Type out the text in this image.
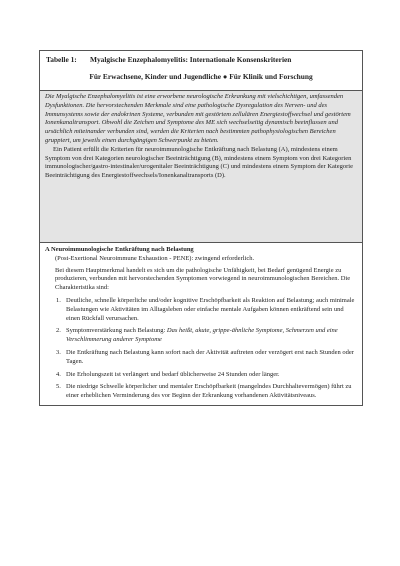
Tabelle 1: Myalgische Enzephalomyelitis: Internationale Konsenskriterien
Für Erwachsene, Kinder und Jugendliche ● Für Klinik und Forschung

Die Myalgische Enzephalomyelitis ist eine erworbene neurologische Erkrankung mit vielschichtigen, umfassenden Dysfunktionen. Die hervorstechenden Merkmale sind eine pathologische Dysregulation des Nerven- und des Immunsystems sowie der endokrinen Systeme, verbunden mit gestörtem zellulären Energiestoffwechsel und gestörtem Ionenkanaltransport. Obwohl die Zeichen und Symptome des ME sich wechselseitig dynamisch beeinflussen und ursächlich miteinander verbunden sind, werden die Kriterien nach bestimmten pathophysiologischen Bereichen gruppiert, um jeweils einen durchgängigen Schwerpunkt zu bieten.

Ein Patient erfüllt die Kriterien für neuroimmunologische Entkräftung nach Belastung (A), mindestens einem Symptom von drei Kategorien neurologischer Beeinträchtigung (B), mindestens einem Symptom von drei Kategorien immunologischer/gastro-intestinaler/urogenitaler Beeinträchtigung (C) und mindestens einem Symptom der Kategorie Beeinträchtigung des Energiestoffwechsels/Ionenkanaltransports (D).

A Neuroimmunologische Entkräftung nach Belastung

(Post-Exertional Neuroimmune Exhaustion - PENE): zwingend erforderlich.

Bei diesem Hauptmerkmal handelt es sich um die pathologische Unfähigkeit, bei Bedarf genügend Energie zu produzieren, verbunden mit hervorstechenden Symptomen vorwiegend in neuroimmunologischen Bereichen. Die Charakteristika sind:

1. Deutliche, schnelle körperliche und/oder kognitive Erschöpfbarkeit als Reaktion auf Belastung; auch minimale Belastungen wie Aktivitäten im Alltagsleben oder einfache mentale Aufgaben können entkräftend sein und einen Rückfall verursachen.
2. Symptomverstärkung nach Belastung: Das heißt, akute, grippe-ähnliche Symptome, Schmerzen und eine Verschlimmerung anderer Symptome
3. Die Entkräftung nach Belastung kann sofort nach der Aktivität auftreten oder verzögert erst nach Stunden oder Tagen.
4. Die Erholungszeit ist verlängert und bedarf üblicherweise 24 Stunden oder länger.
5. Die niedrige Schwelle körperlicher und mentaler Erschöpfbarkeit (mangelndes Durchhaltevermögen) führt zu einer erheblichen Verminderung des vor Beginn der Erkrankung vorhandenen Aktivitätsniveaus.
